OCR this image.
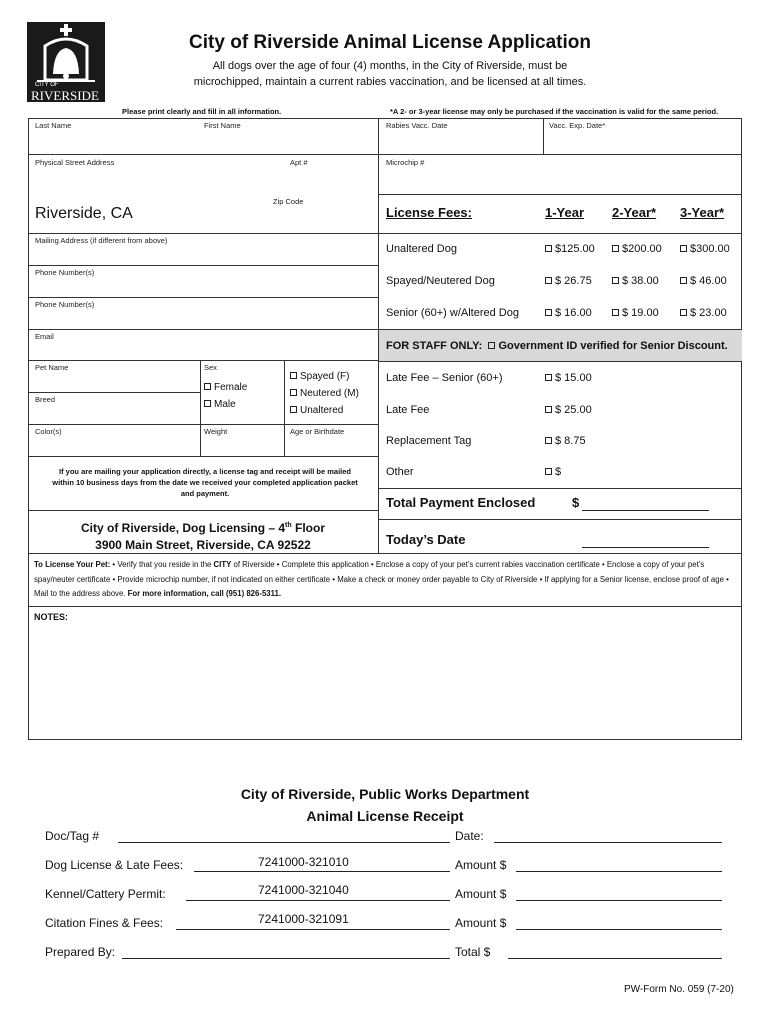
CITY OF
RIVERSIDE
City of Riverside Animal License Application
All dogs over the age of four (4) months, in the City of Riverside, must be
microchipped, maintain a current rabies vaccination, and be licensed at all times.
Please print clearly and fill in all information.	*A 2- or 3-year license may only be purchased if the vaccination is valid for the same period.
Last Name	First Name
Physical Street Address	Apt #
Zip Code
Riverside, CA
Mailing Address (if different from above)
Phone Number(s)
Phone Number(s)
Email
Pet Name	Sex
Female
Male
Spayed (F)
Neutered (M)
Unaltered
Breed
Color(s)	Weight	Age or Birthdate
If you are mailing your application directly, a license tag and receipt will be mailed within 10 business days from the date we received your completed application packet and payment.
City of Riverside, Dog Licensing – 4th Floor
3900 Main Street, Riverside, CA 92522
Rabies Vacc. Date	Vacc. Exp. Date*
Microchip #
License Fees:	1-Year 2-Year* 3-Year*
Unaltered Dog	$125.00	$200.00	$300.00
Spayed/Neutered Dog	$ 26.75	$ 38.00	$ 46.00
Senior (60+) w/Altered Dog	$ 16.00	$ 19.00	$ 23.00
FOR STAFF ONLY: Government ID verified for Senior Discount.
Late Fee – Senior (60+)	$ 15.00
Late Fee	$ 25.00
Replacement Tag	$ 8.75
Other	$
Total Payment Enclosed	$
Today’s Date
To License Your Pet: • Verify that you reside in the CITY of Riverside • Complete this application • Enclose a copy of your pet’s current rabies vaccination certificate • Enclose a copy of your pet’s spay/neuter certificate • Provide microchip number, if not indicated on either certificate • Make a check or money order payable to City of Riverside • If applying for a Senior license, enclose proof of age • Mail to the address above. For more information, call (951) 826-5311.
NOTES:
City of Riverside, Public Works Department
Animal License Receipt
Doc/Tag #	Date:
Dog License & Late Fees:	7241000-321010	Amount $
Kennel/Cattery Permit:	7241000-321040	Amount $
Citation Fines & Fees:	7241000-321091	Amount $
Prepared By:	Total $
PW-Form No. 059 (7-20)
